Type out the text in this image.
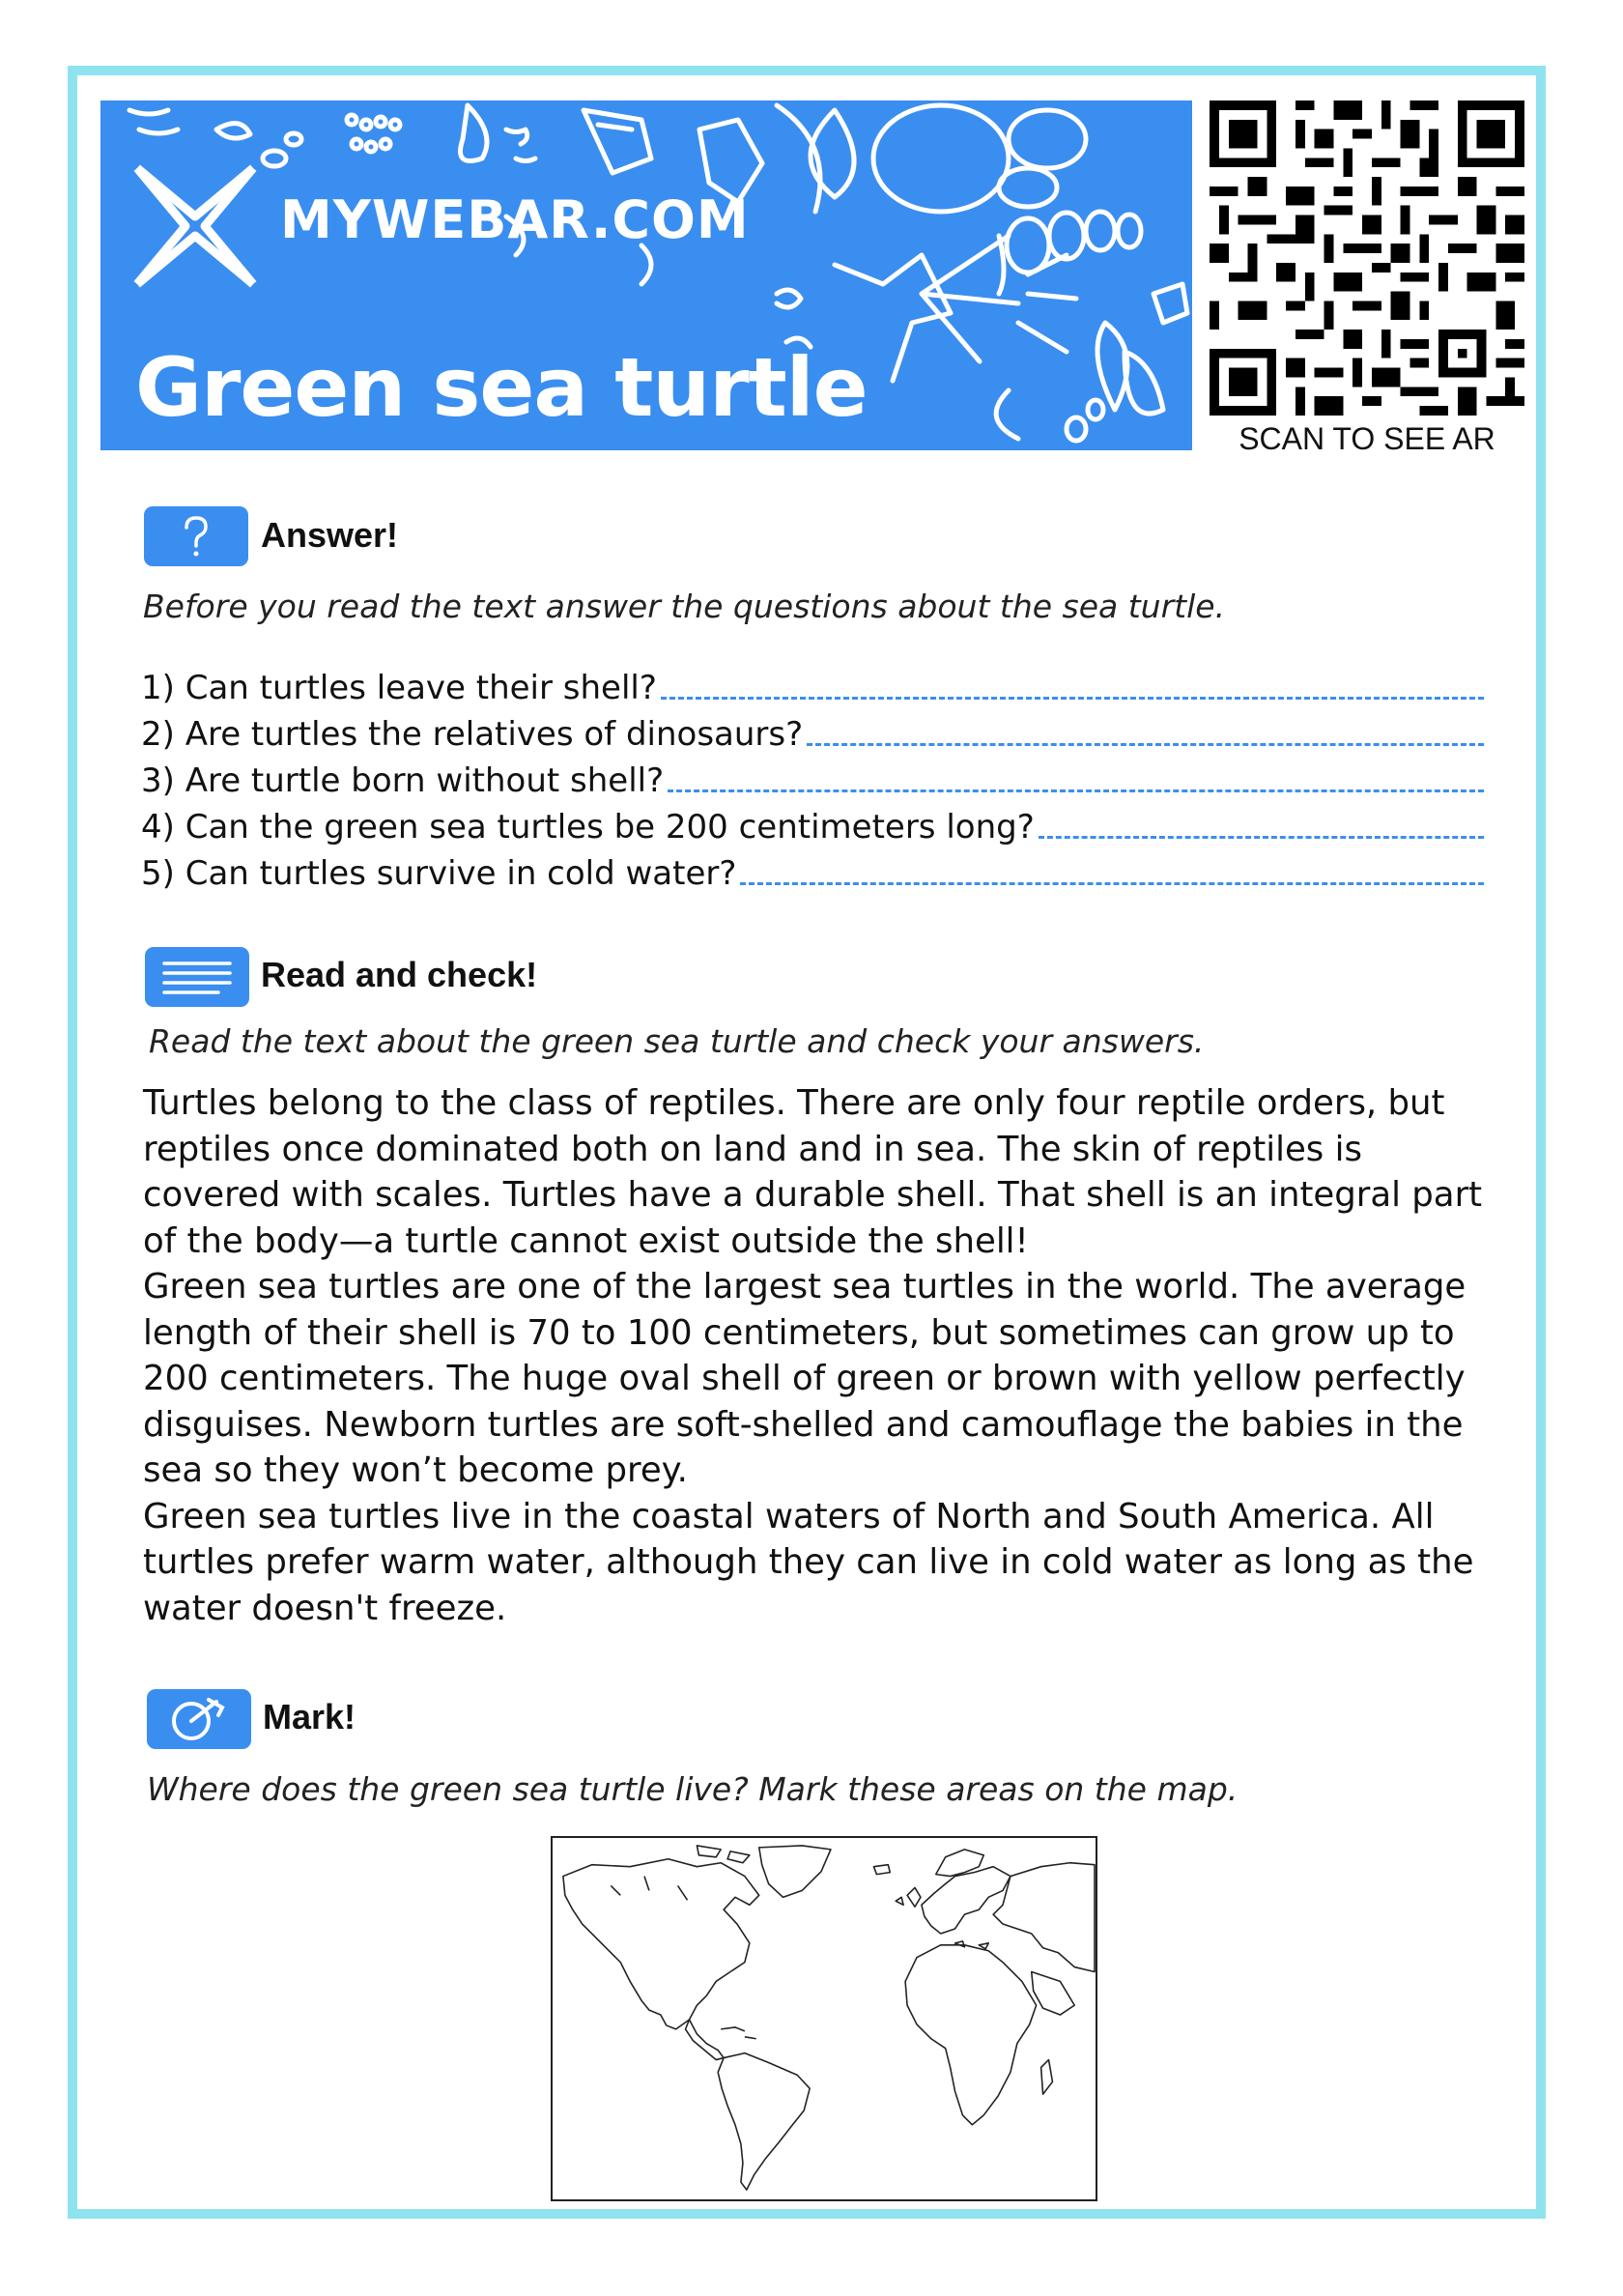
MYWEBAR.COM
Green sea turtle
SCAN TO SEE AR
Answer!
Before you read the text answer the questions about the sea turtle.
1) Can turtles leave their shell?
2) Are turtles the relatives of dinosaurs?
3) Are turtle born without shell?
4) Can the green sea turtles be 200 centimeters long?
5) Can turtles survive in cold water?
Read and check!
Read the text about the green sea turtle and check your answers.

Turtles belong to the class of reptiles. There are only four reptile orders, but reptiles once dominated both on land and in sea. The skin of reptiles is covered with scales. Turtles have a durable shell. That shell is an integral part of the body—a turtle cannot exist outside the shell!

Green sea turtles are one of the largest sea turtles in the world. The average length of their shell is 70 to 100 centimeters, but sometimes can grow up to 200 centimeters. The huge oval shell of green or brown with yellow perfectly disguises. Newborn turtles are soft-shelled and camouflage the babies in the sea so they won’t become prey.

Green sea turtles live in the coastal waters of North and South America. All turtles prefer warm water, although they can live in cold water as long as the water doesn't freeze.

Mark!
Where does the green sea turtle live? Mark these areas on the map.
